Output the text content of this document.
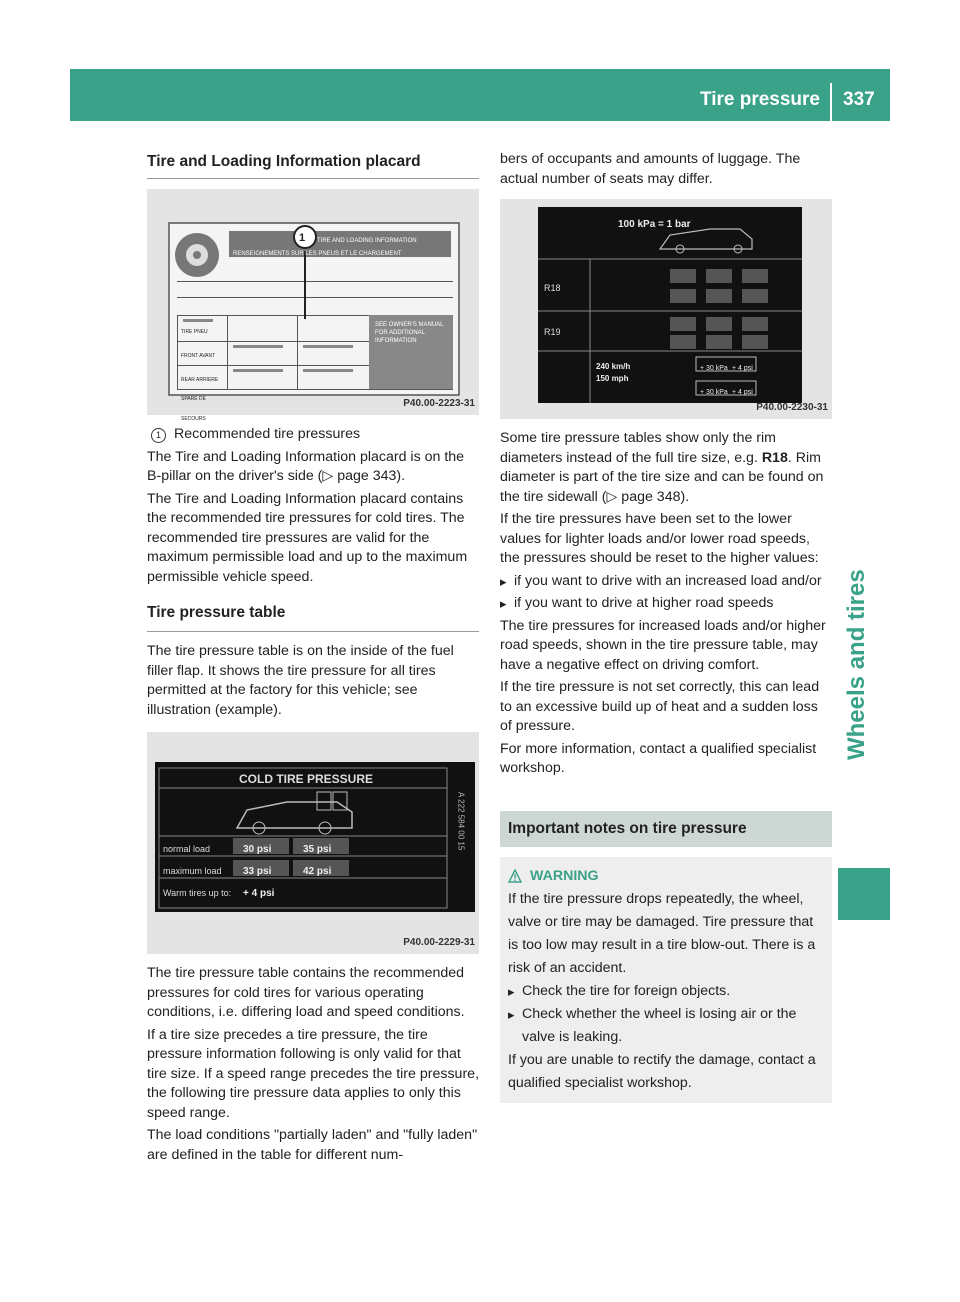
Tire pressure 337
Wheels and tires
Tire and Loading Information placard
1 TIRE AND LOADING INFORMATION
RENSEIGNEMENTS SUR LES PNEUS ET LE CHARGEMENT
TIRE PNEU
FRONT AVANT
REAR ARRIERE
SPARE DE SECOURS
SEE OWNER'S MANUAL FOR ADDITIONAL INFORMATION
P40.00-2223-31
1 Recommended tire pressures

The Tire and Loading Information placard is on the B-pillar on the driver's side (▷ page 343).

The Tire and Loading Information placard contains the recommended tire pressures for cold tires. The recommended tire pressures are valid for the maximum permissible load and up to the maximum permissible vehicle speed.

Tire pressure table

The tire pressure table is on the inside of the fuel filler flap. It shows the tire pressure for all tires permitted at the factory for this vehicle; see illustration (example).

COLD TIRE PRESSURE
normal load
maximum load
Warm tires up to:
30 psi	35 psi
33 psi	42 psi
+ 4 psi
A 222 584 00 15
P40.00-2229-31

The tire pressure table contains the recommended pressures for cold tires for various operating conditions, i.e. differing load and speed conditions.

If a tire size precedes a tire pressure, the tire pressure information following is only valid for that tire size. If a speed range precedes the tire pressure, the following tire pressure data applies to only this speed range.

The load conditions "partially laden" and "fully laden" are defined in the table for different num-

bers of occupants and amounts of luggage. The actual number of seats may differ.

100 kPa = 1 bar
R18
R19
240 km/h
150 mph
+ 30 kPa + 4 psi
+ 30 kPa + 4 psi
P40.00-2230-31

Some tire pressure tables show only the rim diameters instead of the full tire size, e.g. R18. Rim diameter is part of the tire size and can be found on the tire sidewall (▷ page 348).

If the tire pressures have been set to the lower values for lighter loads and/or lower road speeds, the pressures should be reset to the higher values:

▸ if you want to drive with an increased load and/or
▸ if you want to drive at higher road speeds

The tire pressures for increased loads and/or higher road speeds, shown in the tire pressure table, may have a negative effect on driving comfort.

If the tire pressure is not set correctly, this can lead to an excessive build up of heat and a sudden loss of pressure.

For more information, contact a qualified specialist workshop.

Important notes on tire pressure
WARNING

If the tire pressure drops repeatedly, the wheel, valve or tire may be damaged. Tire pressure that is too low may result in a tire blow-out. There is a risk of an accident.

▸ Check the tire for foreign objects.
▸ Check whether the wheel is losing air or the valve is leaking.

If you are unable to rectify the damage, contact a qualified specialist workshop.
